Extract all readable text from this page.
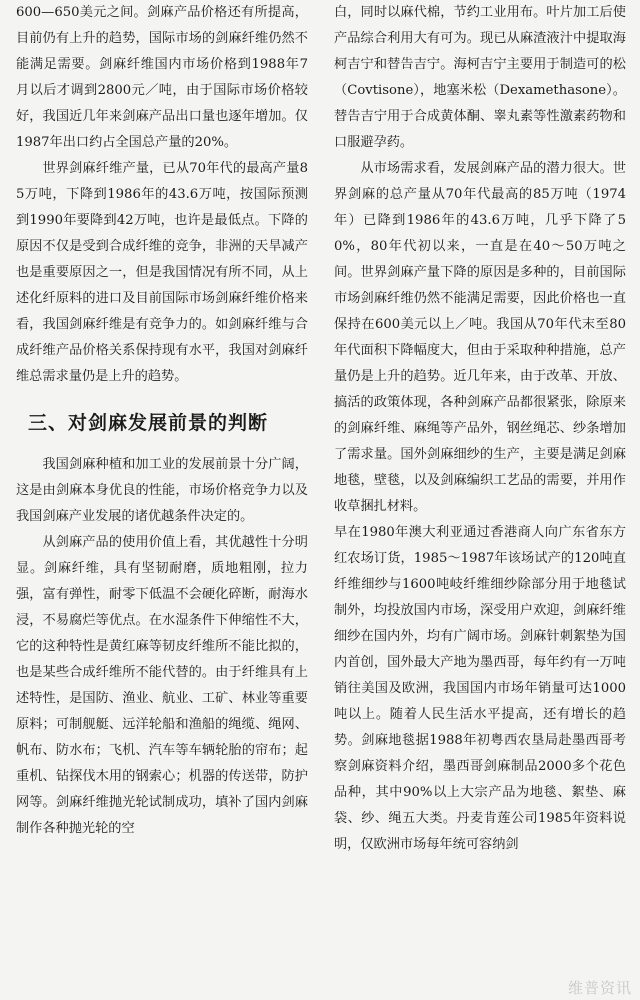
600—650美元之间。剑麻产品价格还有所提高，目前仍有上升的趋势，国际市场的剑麻纤维仍然不能满足需要。剑麻纤维国内市场价格到1988年7月以后才调到2800元／吨，由于国际市场价格较好，我国近几年来剑麻产品出口量也逐年增加。仅1987年出口约占全国总产量的20%。

世界剑麻纤维产量，已从70年代的最高产量85万吨，下降到1986年的43.6万吨，按国际预测到1990年要降到42万吨，也许是最低点。下降的原因不仅是受到合成纤维的竞争，非洲的天旱减产也是重要原因之一，但是我国情况有所不同，从上述化纤原料的进口及目前国际市场剑麻纤维价格来看，我国剑麻纤维是有竞争力的。如剑麻纤维与合成纤维产品价格关系保持现有水平，我国对剑麻纤维总需求量仍是上升的趋势。

三、对剑麻发展前景的判断

我国剑麻种植和加工业的发展前景十分广阔，这是由剑麻本身优良的性能，市场价格竞争力以及我国剑麻产业发展的诸优越条件决定的。

从剑麻产品的使用价值上看，其优越性十分明显。剑麻纤维，具有坚韧耐磨，质地粗刚，拉力强，富有弹性，耐零下低温不会硬化碎断，耐海水浸，不易腐烂等优点。在水湿条件下伸缩性不大，它的这种特性是黄红麻等韧皮纤维所不能比拟的，也是某些合成纤维所不能代替的。由于纤维具有上述特性，是国防、渔业、航业、工矿、林业等重要原料；可制舰艇、远洋轮船和渔船的绳缆、绳网、帆布、防水布；飞机、汽车等车辆轮胎的帘布；起重机、钻探伐木用的钢索心；机器的传送带，防护网等。剑麻纤维抛光轮试制成功，填补了国内剑麻制作各种抛光轮的空

白，同时以麻代棉，节约工业用布。叶片加工后使产品综合利用大有可为。现已从麻渣液汁中提取海柯吉宁和替告吉宁。海柯吉宁主要用于制造可的松（Covtisone），地塞米松（Dexamethasone）。替告吉宁用于合成黄体酮、睾丸素等性激素药物和口服避孕药。

从市场需求看，发展剑麻产品的潜力很大。世界剑麻的总产量从70年代最高的85万吨（1974年）已降到1986年的43.6万吨，几乎下降了50%，80年代初以来，一直是在40～50万吨之间。世界剑麻产量下降的原因是多种的，目前国际市场剑麻纤维仍然不能满足需要，因此价格也一直保持在600美元以上／吨。我国从70年代末至80年代面积下降幅度大，但由于采取种种措施，总产量仍是上升的趋势。近几年来，由于改革、开放、搞活的政策体现，各种剑麻产品都很紧张，除原来的剑麻纤维、麻绳等产品外，钢丝绳芯、纱条增加了需求量。国外剑麻细纱的生产，主要是满足剑麻地毯，壁毯，以及剑麻编织工艺品的需要，并用作收草捆扎材料。

早在1980年澳大利亚通过香港商人向广东省东方红农场订货，1985～1987年该场试产的120吨直纤维细纱与1600吨岐纤维细纱除部分用于地毯试制外，均投放国内市场，深受用户欢迎，剑麻纤维细纱在国内外，均有广阔市场。剑麻针刺絮垫为国内首创，国外最大产地为墨西哥，每年约有一万吨销往美国及欧洲，我国国内市场年销量可达1000吨以上。随着人民生活水平提高，还有增长的趋势。剑麻地毯据1988年初粤西农垦局赴墨西哥考察剑麻资料介绍，墨西哥剑麻制品2000多个花色品种，其中90%以上大宗产品为地毯、絮垫、麻袋、纱、绳五大类。丹麦肯莲公司1985年资料说明，仅欧洲市场每年统可容纳剑

维普资讯
